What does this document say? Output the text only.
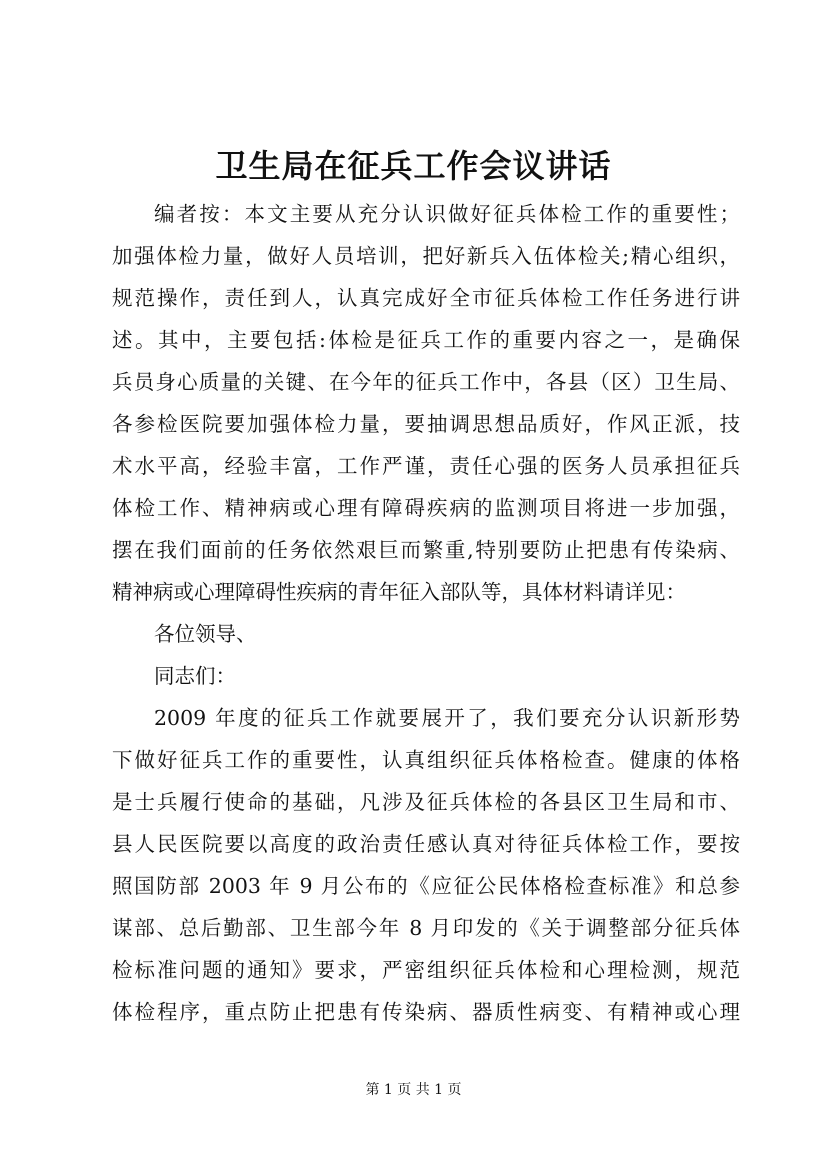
卫生局在征兵工作会议讲话
编者按：本文主要从充分认识做好征兵体检工作的重要性；
加强体检力量，做好人员培训，把好新兵入伍体检关;精心组织，
规范操作，责任到人，认真完成好全市征兵体检工作任务进行讲
述。其中，主要包括:体检是征兵工作的重要内容之一，是确保
兵员身心质量的关键、在今年的征兵工作中，各县（区）卫生局、
各参检医院要加强体检力量，要抽调思想品质好，作风正派，技
术水平高，经验丰富，工作严谨，责任心强的医务人员承担征兵
体检工作、精神病或心理有障碍疾病的监测项目将进一步加强，
摆在我们面前的任务依然艰巨而繁重,特别要防止把患有传染病、
精神病或心理障碍性疾病的青年征入部队等，具体材料请详见：
各位领导、
同志们：
2009 年度的征兵工作就要展开了，我们要充分认识新形势
下做好征兵工作的重要性，认真组织征兵体格检查。健康的体格
是士兵履行使命的基础，凡涉及征兵体检的各县区卫生局和市、
县人民医院要以高度的政治责任感认真对待征兵体检工作，要按
照国防部 2003 年 9 月公布的《应征公民体格检查标准》和总参
谋部、总后勤部、卫生部今年 8 月印发的《关于调整部分征兵体
检标准问题的通知》要求，严密组织征兵体检和心理检测，规范
体检程序，重点防止把患有传染病、器质性病变、有精神或心理
第 1 页 共 1 页
